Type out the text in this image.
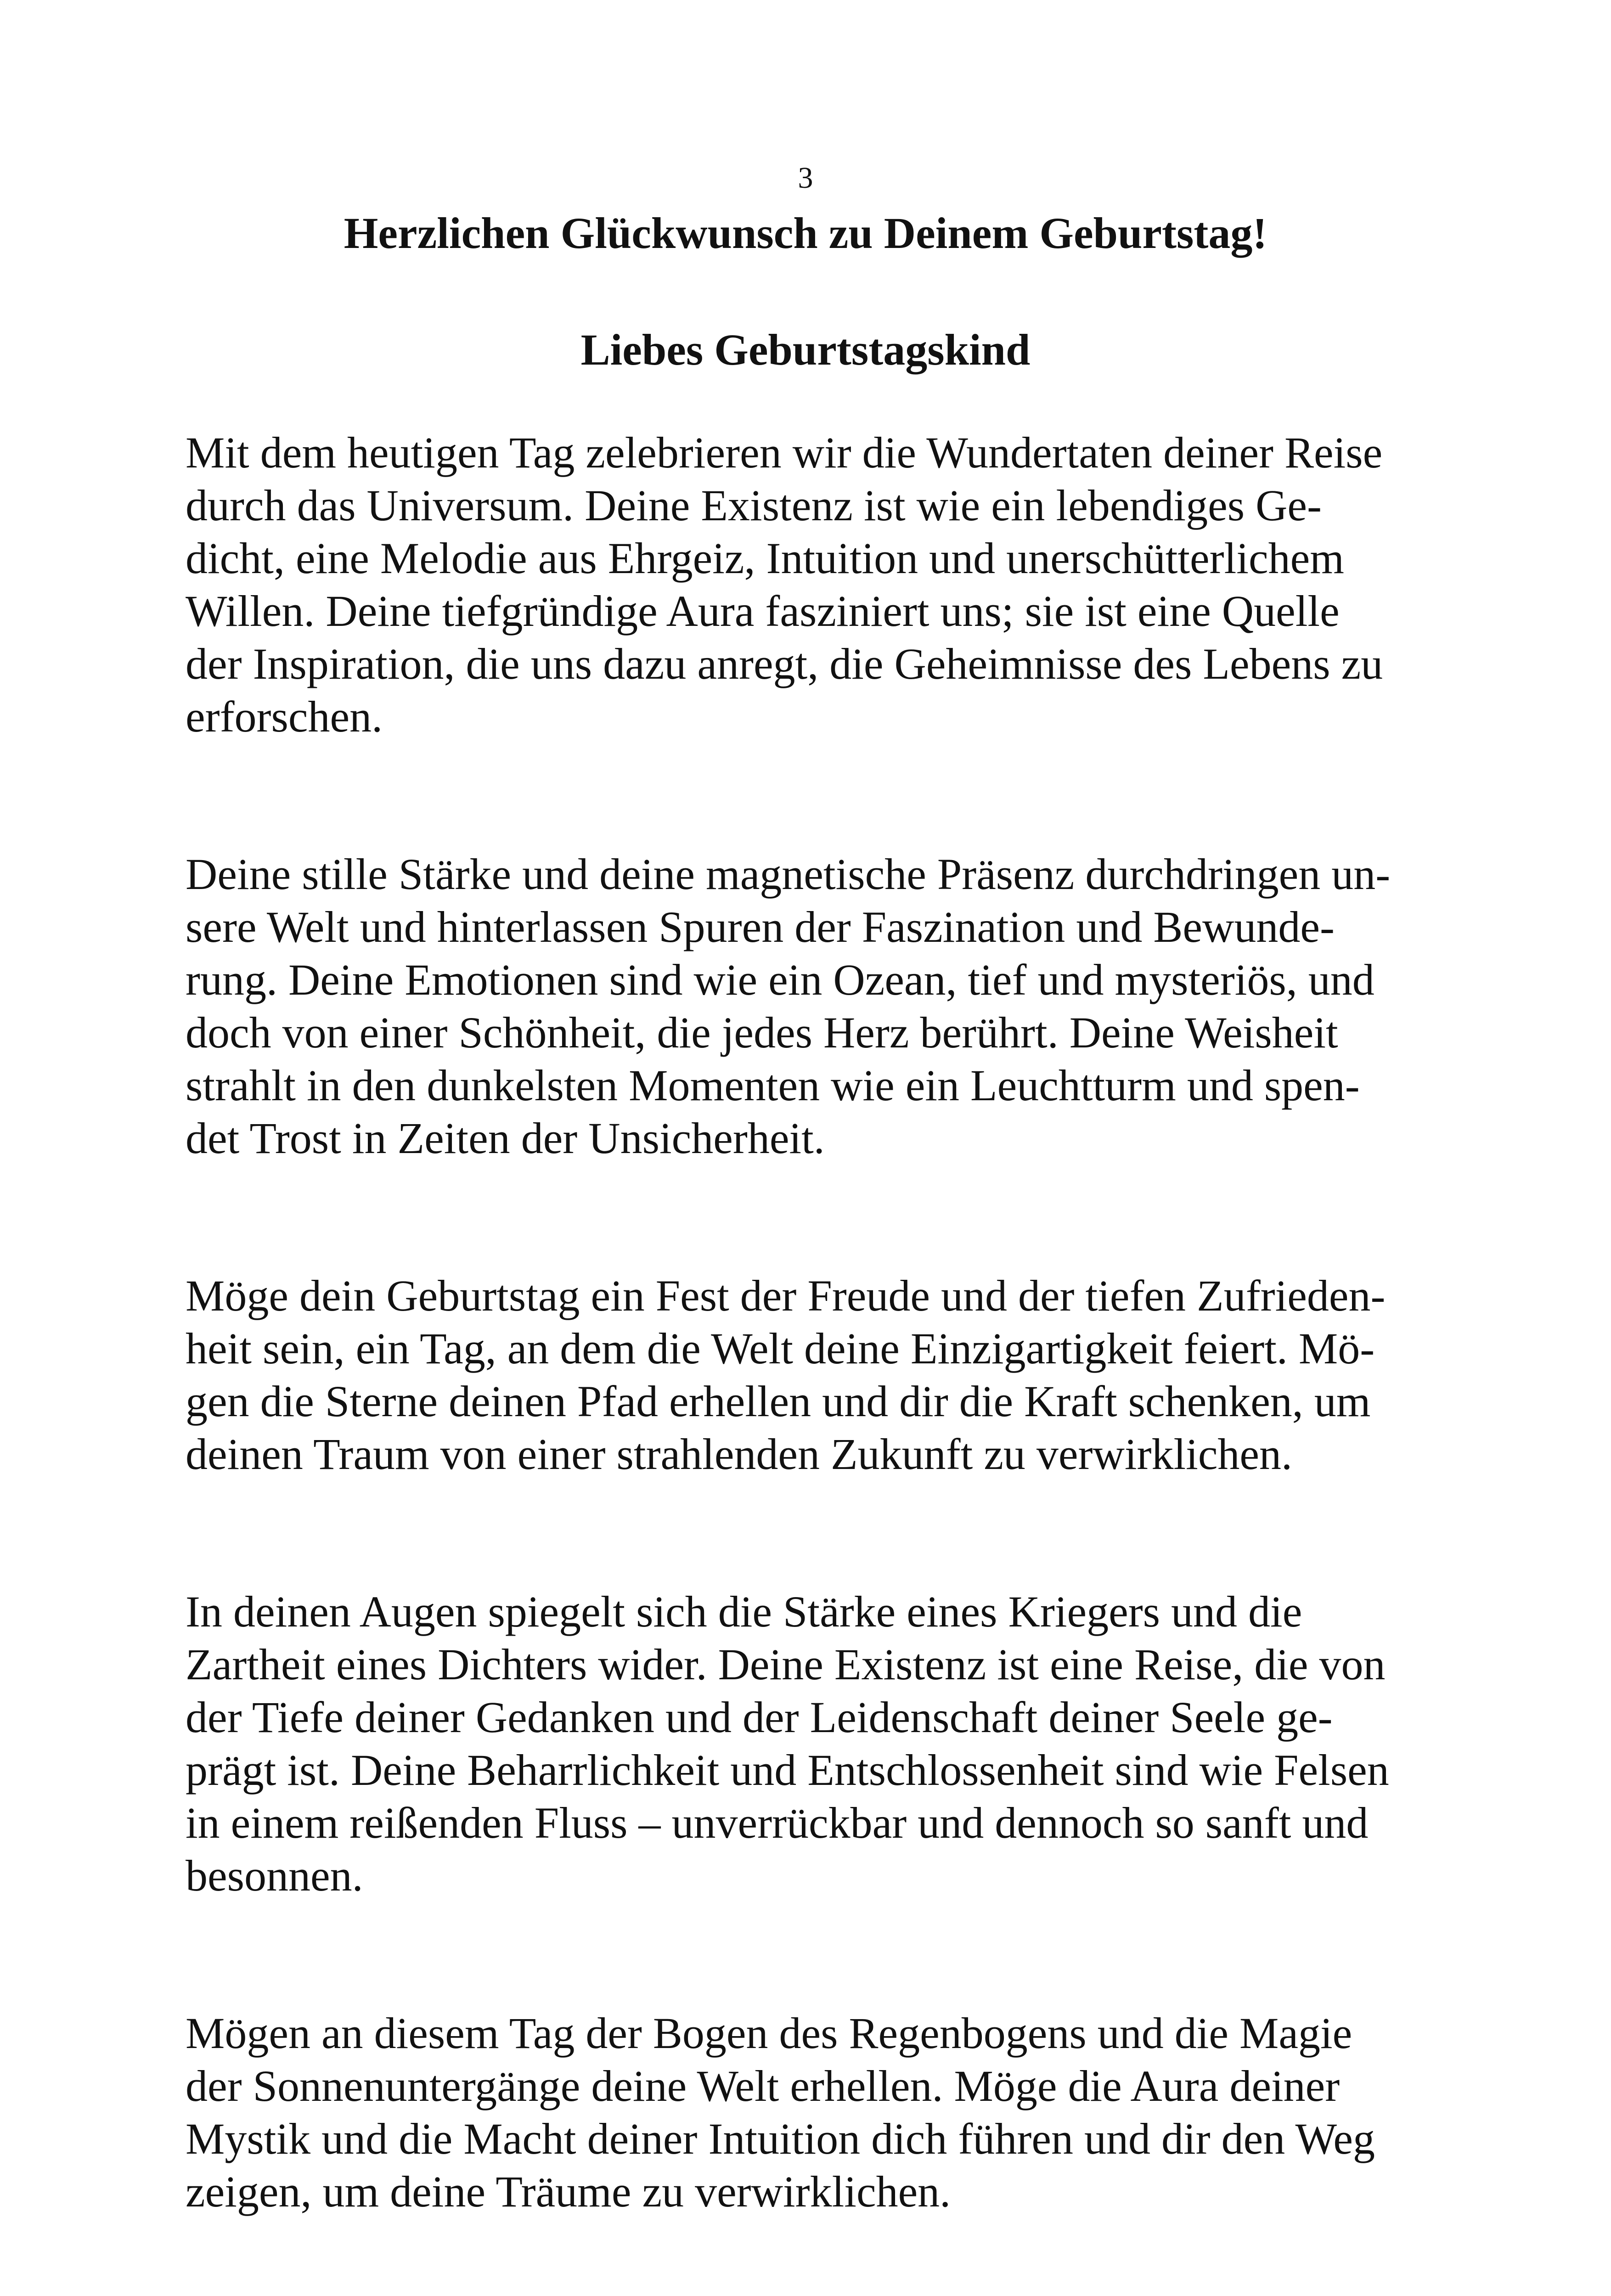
3
Herzlichen Glückwunsch zu Deinem Geburtstag!
Liebes Geburtstagskind

Mit dem heutigen Tag zelebrieren wir die Wundertaten deiner Reise
durch das Universum. Deine Existenz ist wie ein lebendiges Ge-
dicht, eine Melodie aus Ehrgeiz, Intuition und unerschütterlichem
Willen. Deine tiefgründige Aura fasziniert uns; sie ist eine Quelle
der Inspiration, die uns dazu anregt, die Geheimnisse des Lebens zu
erforschen.

Deine stille Stärke und deine magnetische Präsenz durchdringen un-
sere Welt und hinterlassen Spuren der Faszination und Bewunde-
rung. Deine Emotionen sind wie ein Ozean, tief und mysteriös, und
doch von einer Schönheit, die jedes Herz berührt. Deine Weisheit
strahlt in den dunkelsten Momenten wie ein Leuchtturm und spen-
det Trost in Zeiten der Unsicherheit.

Möge dein Geburtstag ein Fest der Freude und der tiefen Zufrieden-
heit sein, ein Tag, an dem die Welt deine Einzigartigkeit feiert. Mö-
gen die Sterne deinen Pfad erhellen und dir die Kraft schenken, um
deinen Traum von einer strahlenden Zukunft zu verwirklichen.

In deinen Augen spiegelt sich die Stärke eines Kriegers und die
Zartheit eines Dichters wider. Deine Existenz ist eine Reise, die von
der Tiefe deiner Gedanken und der Leidenschaft deiner Seele ge-
prägt ist. Deine Beharrlichkeit und Entschlossenheit sind wie Felsen
in einem reißenden Fluss – unverrückbar und dennoch so sanft und
besonnen.

Mögen an diesem Tag der Bogen des Regenbogens und die Magie
der Sonnenuntergänge deine Welt erhellen. Möge die Aura deiner
Mystik und die Macht deiner Intuition dich führen und dir den Weg
zeigen, um deine Träume zu verwirklichen.
